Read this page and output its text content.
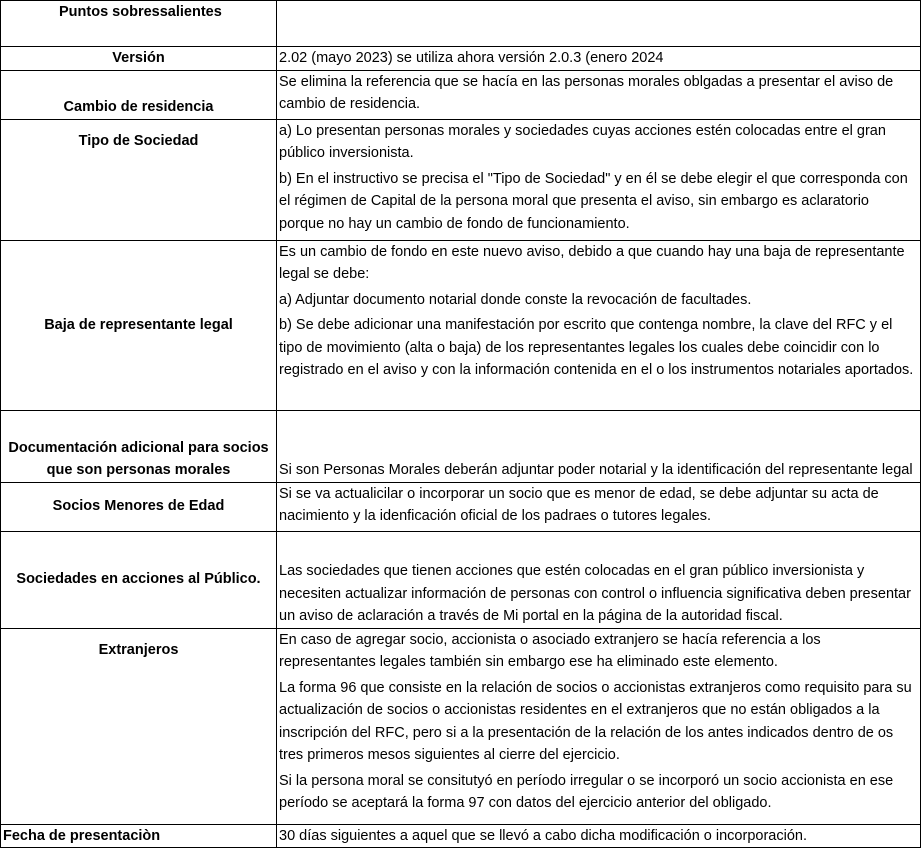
Puntos sobressalientes	

Versión	2.02 (mayo 2023) se utiliza ahora versión 2.0.3 (enero 2024

Cambio de residencia	Se elimina la referencia que se hacía en las personas morales oblgadas a presentar el aviso de cambio de residencia.

Tipo de Sociedad	a) Lo presentan personas morales y sociedades cuyas acciones estén colocadas entre el gran público inversionista.
b) En el instructivo se precisa el "Tipo de Sociedad" y en él se debe elegir el que corresponda con el régimen de Capital de la persona moral que presenta el aviso, sin embargo es aclaratorio porque no hay un cambio de fondo de funcionamiento.

Baja de representante legal	Es un cambio de fondo en este nuevo aviso, debido a que cuando hay una baja de representante legal se debe:
a) Adjuntar documento notarial donde conste la revocación de facultades.
b) Se debe adicionar una manifestación por escrito que contenga nombre, la clave del RFC y el tipo de movimiento (alta o baja) de los representantes legales los cuales debe coincidir con lo registrado en el aviso y con la información contenida en el o los instrumentos notariales aportados.

Documentación adicional para socios que son personas morales	Si son Personas Morales deberán adjuntar poder notarial y la identificación del representante legal

Socios Menores de Edad	Si se va actualicilar o incorporar un socio que es menor de edad, se debe adjuntar su acta de nacimiento y la idenficación oficial de los padraes o tutores legales.

Sociedades en acciones al Público.	Las sociedades que tienen acciones que estén colocadas en el gran público inversionista y necesiten actualizar información de personas con control o influencia significativa deben presentar un aviso de aclaración a través de Mi portal en la página de la autoridad fiscal.

Extranjeros	En caso de agregar socio, accionista o asociado extranjero se hacía referencia a los representantes legales también sin embargo ese ha eliminado este elemento.
La forma 96 que consiste en la relación de socios o accionistas extranjeros como requisito para su actualización de socios o accionistas residentes en el extranjeros que no están obligados a la inscripción del RFC, pero si a la presentación de la relación de los antes indicados dentro de os tres primeros mesos siguientes al cierre del ejercicio.
Si la persona moral se consitutyó en período irregular o se incorporó un socio accionista en ese período se aceptará la forma 97 con datos del ejercicio anterior del obligado.

Fecha de presentaciòn	30 días siguientes a aquel que se llevó a cabo dicha modificación o incorporación.
